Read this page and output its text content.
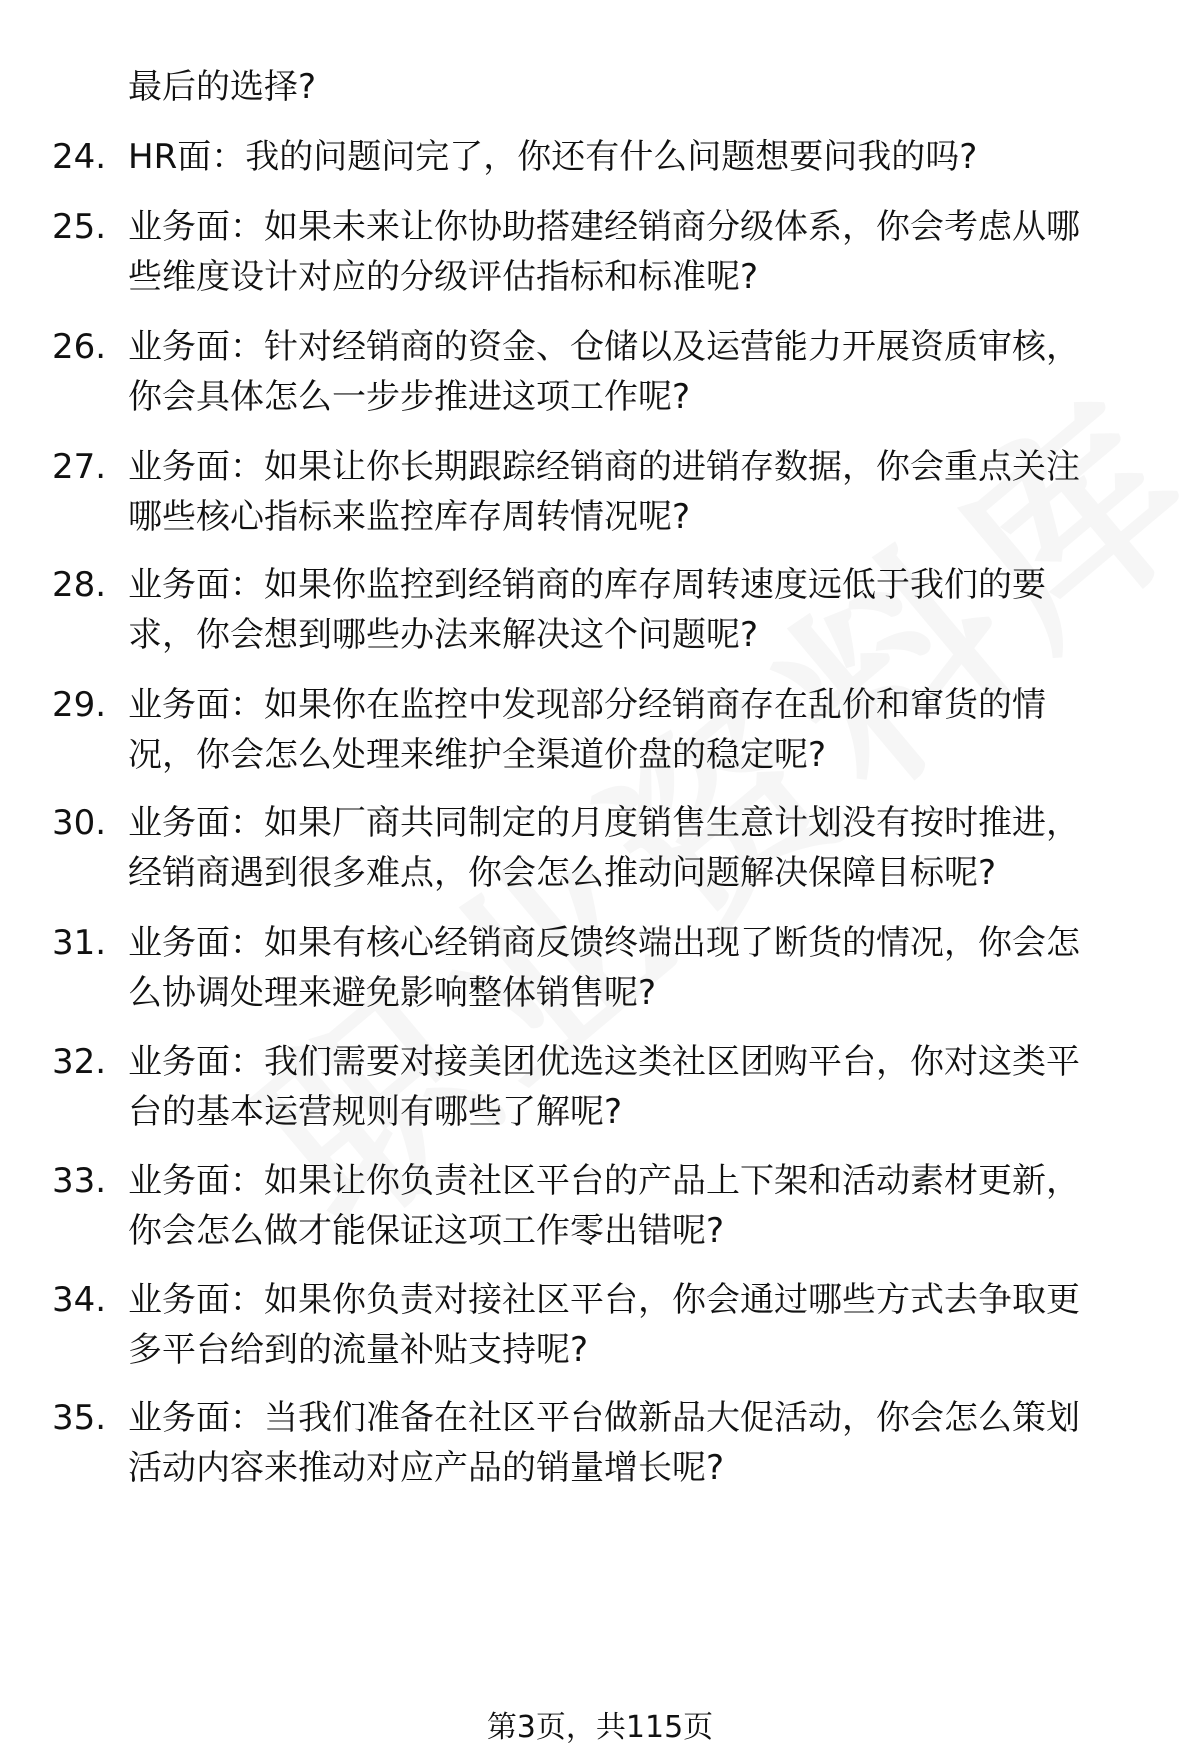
最后的选择?
24. HR面：我的问题问完了，你还有什么问题想要问我的吗?
25. 业务面：如果未来让你协助搭建经销商分级体系，你会考虑从哪
些维度设计对应的分级评估指标和标准呢?
26. 业务面：针对经销商的资金、仓储以及运营能力开展资质审核，
你会具体怎么一步步推进这项工作呢?
27. 业务面：如果让你长期跟踪经销商的进销存数据，你会重点关注
哪些核心指标来监控库存周转情况呢?
28. 业务面：如果你监控到经销商的库存周转速度远低于我们的要
求，你会想到哪些办法来解决这个问题呢?
29. 业务面：如果你在监控中发现部分经销商存在乱价和窜货的情
况，你会怎么处理来维护全渠道价盘的稳定呢?
30. 业务面：如果厂商共同制定的月度销售生意计划没有按时推进，
经销商遇到很多难点，你会怎么推动问题解决保障目标呢?
31. 业务面：如果有核心经销商反馈终端出现了断货的情况，你会怎
么协调处理来避免影响整体销售呢?
32. 业务面：我们需要对接美团优选这类社区团购平台，你对这类平
台的基本运营规则有哪些了解呢?
33. 业务面：如果让你负责社区平台的产品上下架和活动素材更新，
你会怎么做才能保证这项工作零出错呢?
34. 业务面：如果你负责对接社区平台，你会通过哪些方式去争取更
多平台给到的流量补贴支持呢?
35. 业务面：当我们准备在社区平台做新品大促活动，你会怎么策划
活动内容来推动对应产品的销量增长呢?
第3页，共115页
